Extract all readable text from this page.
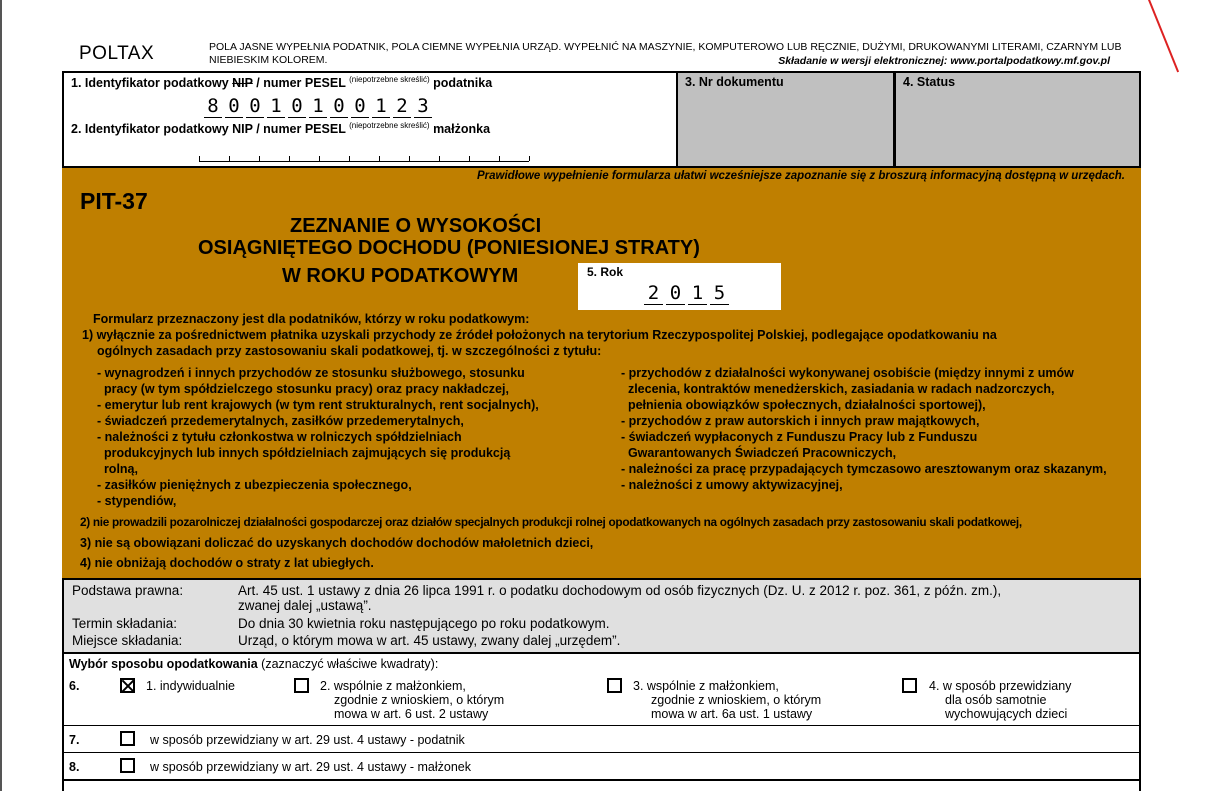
POLTAX	POLA JASNE WYPEŁNIA PODATNIK, POLA CIEMNE WYPEŁNIA URZĄD. WYPEŁNIĆ NA MASZYNIE, KOMPUTEROWO LUB RĘCZNIE, DUŻYMI, DRUKOWANYMI LITERAMI, CZARNYM LUB NIEBIESKIM KOLOREM.	Składanie w wersji elektronicznej: www.portalpodatkowy.mf.gov.pl
1. Identyfikator podatkowy NIP / numer PESEL $^{(niepotrzebne skreślić)}$ podatnika
8 0 0 1 0 1 0 0 1 2 3
2. Identyfikator podatkowy NIP / numer PESEL $^{(niepotrzebne skreślić)}$ małżonka
3. Nr dokumentu	4. Status
Prawidłowe wypełnienie formularza ułatwi wcześniejsze zapoznanie się z broszurą informacyjną dostępną w urzędach.
PIT-37
ZEZNANIE O WYSOKOŚCI
OSIĄGNIĘTEGO DOCHODU (PONIESIONEJ STRATY)
W ROKU PODATKOWYM	5. Rok
2 0 1 5
Formularz przeznaczony jest dla podatników, którzy w roku podatkowym:
1) wyłącznie za pośrednictwem płatnika uzyskali przychody ze źródeł położonych na terytorium Rzeczypospolitej Polskiej, podlegające opodatkowaniu na
ogólnych zasadach przy zastosowaniu skali podatkowej, tj. w szczególności z tytułu:
- wynagrodzeń i innych przychodów ze stosunku służbowego, stosunku
pracy (w tym spółdzielczego stosunku pracy) oraz pracy nakładczej,
- emerytur lub rent krajowych (w tym rent strukturalnych, rent socjalnych),
- świadczeń przedemerytalnych, zasiłków przedemerytalnych,
- należności z tytułu członkostwa w rolniczych spółdzielniach
produkcyjnych lub innych spółdzielniach zajmujących się produkcją
rolną,
- zasiłków pieniężnych z ubezpieczenia społecznego,
- stypendiów,
- przychodów z działalności wykonywanej osobiście (między innymi z umów
zlecenia, kontraktów menedżerskich, zasiadania w radach nadzorczych,
pełnienia obowiązków społecznych, działalności sportowej),
- przychodów z praw autorskich i innych praw majątkowych,
- świadczeń wypłaconych z Funduszu Pracy lub z Funduszu
Gwarantowanych Świadczeń Pracowniczych,
- należności za pracę przypadających tymczasowo aresztowanym oraz skazanym,
- należności z umowy aktywizacyjnej,
2) nie prowadzili pozarolniczej działalności gospodarczej oraz działów specjalnych produkcji rolnej opodatkowanych na ogólnych zasadach przy zastosowaniu skali podatkowej,
3) nie są obowiązani doliczać do uzyskanych dochodów dochodów małoletnich dzieci,
4) nie obniżają dochodów o straty z lat ubiegłych.
Podstawa prawna:	Art. 45 ust. 1 ustawy z dnia 26 lipca 1991 r. o podatku dochodowym od osób fizycznych (Dz. U. z 2012 r. poz. 361, z późn. zm.),
zwanej dalej „ustawą”.
Termin składania:	Do dnia 30 kwietnia roku następującego po roku podatkowym.
Miejsce składania:	Urząd, o którym mowa w art. 45 ustawy, zwany dalej „urzędem”.
Wybór sposobu opodatkowania (zaznaczyć właściwe kwadraty):
6.	1. indywidualnie	2. wspólnie z małżonkiem,
zgodnie z wnioskiem, o którym
mowa w art. 6 ust. 2 ustawy
3. wspólnie z małżonkiem,
zgodnie z wnioskiem, o którym
mowa w art. 6a ust. 1 ustawy
4. w sposób przewidziany
dla osób samotnie
wychowujących dzieci
7.	w sposób przewidziany w art. 29 ust. 4 ustawy - podatnik
8.	w sposób przewidziany w art. 29 ust. 4 ustawy - małżonek
